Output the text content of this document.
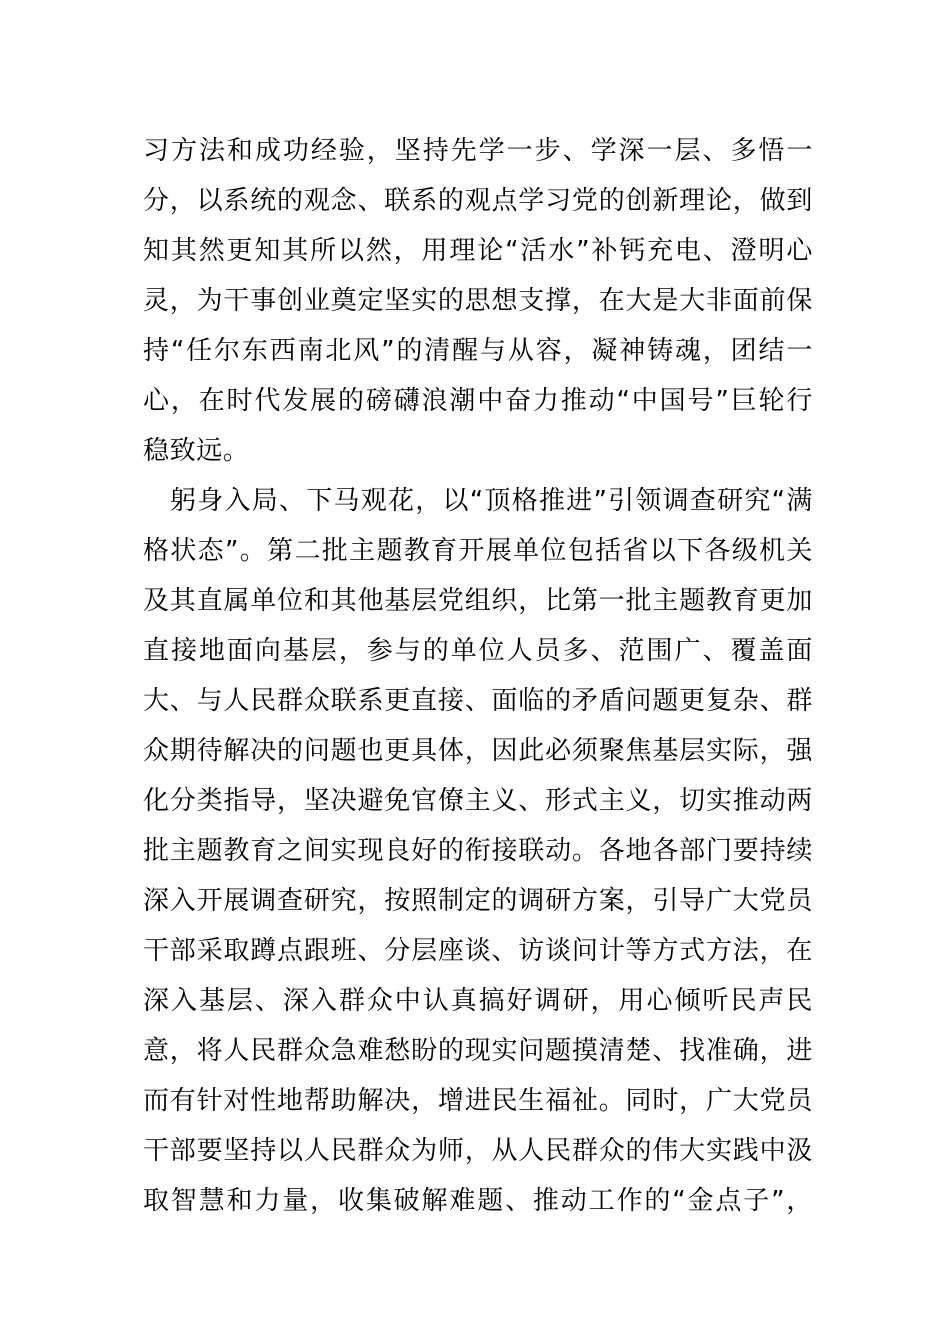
习方法和成功经验，坚持先学一步、学深一层、多悟一
分，以系统的观念、联系的观点学习党的创新理论，做到
知其然更知其所以然，用理论“活水”补钙充电、澄明心
灵，为干事创业奠定坚实的思想支撑，在大是大非面前保
持“任尔东西南北风”的清醒与从容，凝神铸魂，团结一
心，在时代发展的磅礴浪潮中奋力推动“中国号”巨轮行
稳致远。
躬身入局、下马观花，以“顶格推进”引领调查研究“满
格状态”。第二批主题教育开展单位包括省以下各级机关
及其直属单位和其他基层党组织，比第一批主题教育更加
直接地面向基层，参与的单位人员多、范围广、覆盖面
大、与人民群众联系更直接、面临的矛盾问题更复杂、群
众期待解决的问题也更具体，因此必须聚焦基层实际，强
化分类指导，坚决避免官僚主义、形式主义，切实推动两
批主题教育之间实现良好的衔接联动。各地各部门要持续
深入开展调查研究，按照制定的调研方案，引导广大党员
干部采取蹲点跟班、分层座谈、访谈问计等方式方法，在
深入基层、深入群众中认真搞好调研，用心倾听民声民
意，将人民群众急难愁盼的现实问题摸清楚、找准确，进
而有针对性地帮助解决，增进民生福祉。同时，广大党员
干部要坚持以人民群众为师，从人民群众的伟大实践中汲
取智慧和力量，收集破解难题、推动工作的“金点子”，
